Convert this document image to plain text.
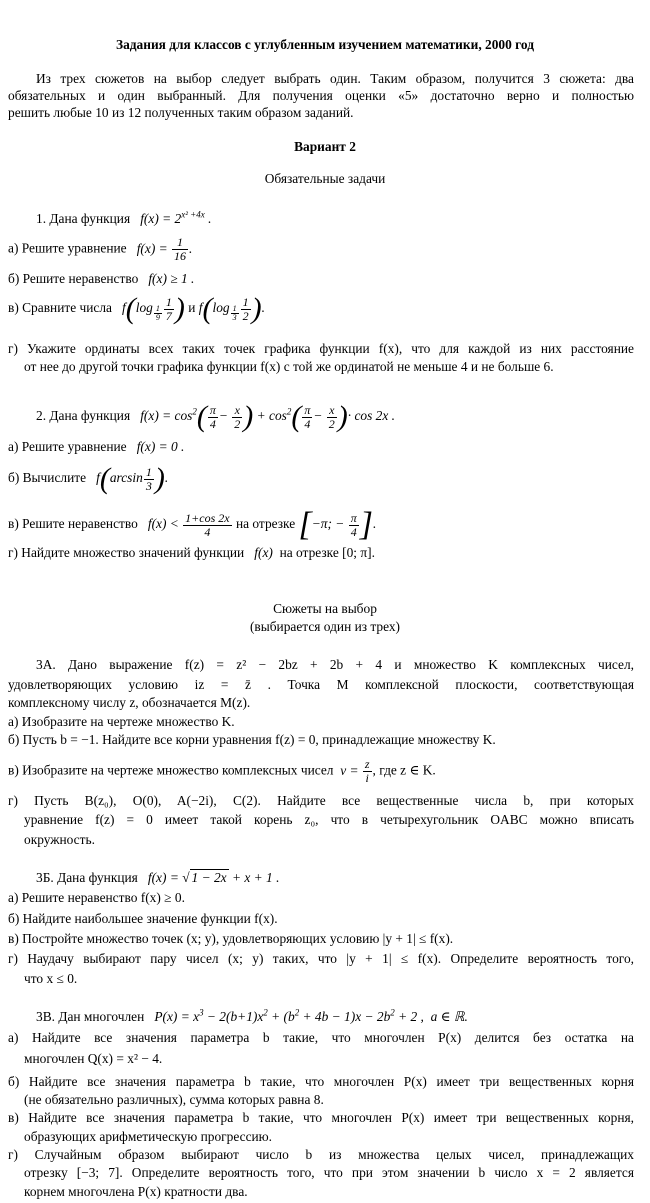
Задания для классов с углубленным изучением математики, 2000 год
Из трех сюжетов на выбор следует выбрать один. Таким образом, получится 3 сюжета: два
обязательных и один выбранный. Для получения оценки «5» достаточно верно и полностью
решить любые 10 из 12 полученных таким образом заданий.
Вариант 2
Обязательные задачи
1. Дана функция   $f(x) = 2^{x^2 +4x}$ .
а) Решите уравнение   $f(x) = \frac{1}{16}$ .
б) Решите неравенство   f(x) ≥ 1 .
в) Сравните числа   f(log $_{\frac{1}{9}} \frac{1}{7}$ ) и f(log $_{\frac{1}{3}} \frac{1}{2}$ ).
г) Укажите ординаты всех таких точек графика функции f(x), что для каждой из них расстояние
от нее до другой точки графика функции f(x) с той же ординатой не меньше 4 и не больше 6.
2. Дана функция   $f(x) = \cos^2( \frac{\pi}{4} - \frac{x}{2}$ ) + $\cos^2( \frac{\pi}{4} - \frac{x}{2}$ )· cos 2x .
а) Решите уравнение   f(x) = 0 .
б) Вычислите   $f(\arcsin \frac{1}{3}$ ).
в) Решите неравенство   $f(x) < \frac{1+\cos 2x}{4}$ на отрезке [−π; − $\frac{\pi}{4}$ ].
г) Найдите множество значений функции   f(x)  на отрезке [0; π].
Сюжеты на выбор
(выбирается один из трех)
3А. Дано выражение f(z) = z² − 2bz + 2b + 4 и множество K комплексных чисел,
удовлетворяющих условию iz = z̄ . Точка M комплексной плоскости, соответствующая
комплексному числу z, обозначается M(z).
а) Изобразите на чертеже множество K.
б) Пусть b = −1. Найдите все корни уравнения f(z) = 0, принадлежащие множеству K.
в) Изобразите на чертеже множество комплексных чисел  $v = \frac{z}{i}$ , где z ∈ K.
г) Пусть B(z₀), O(0), A(−2i), C(2). Найдите все вещественные числа b, при которых
уравнение f(z) = 0 имеет такой корень z₀, что в четырехугольник OABC можно вписать
окружность.
3Б. Дана функция   f(x) = √ 1 − 2x + x + 1 .
а) Решите неравенство f(x) ≥ 0.
б) Найдите наибольшее значение функции f(x).
в) Постройте множество точек (x; y), удовлетворяющих условию |y + 1| ≤ f(x).
г) Наудачу выбирают пару чисел (x; y) таких, что |y + 1| ≤ f(x). Определите вероятность того,
что x ≤ 0.
3В. Дан многочлен   $P(x) = x^3 - 2(b+1)x^2 + (b^2 + 4b - 1)x - 2b^2 + 2$ ,  a ∈ ℝ.
а) Найдите все значения параметра b такие, что многочлен P(x) делится без остатка на
многочлен Q(x) = x² − 4.
б) Найдите все значения параметра b такие, что многочлен P(x) имеет три вещественных корня
(не обязательно различных), сумма которых равна 8.
в) Найдите все значения параметра b такие, что многочлен P(x) имеет три вещественных корня,
образующих арифметическую прогрессию.
г) Случайным образом выбирают число b из множества целых чисел, принадлежащих
отрезку [−3; 7]. Определите вероятность того, что при этом значении b число x = 2 является
корнем многочлена P(x) кратности два.
